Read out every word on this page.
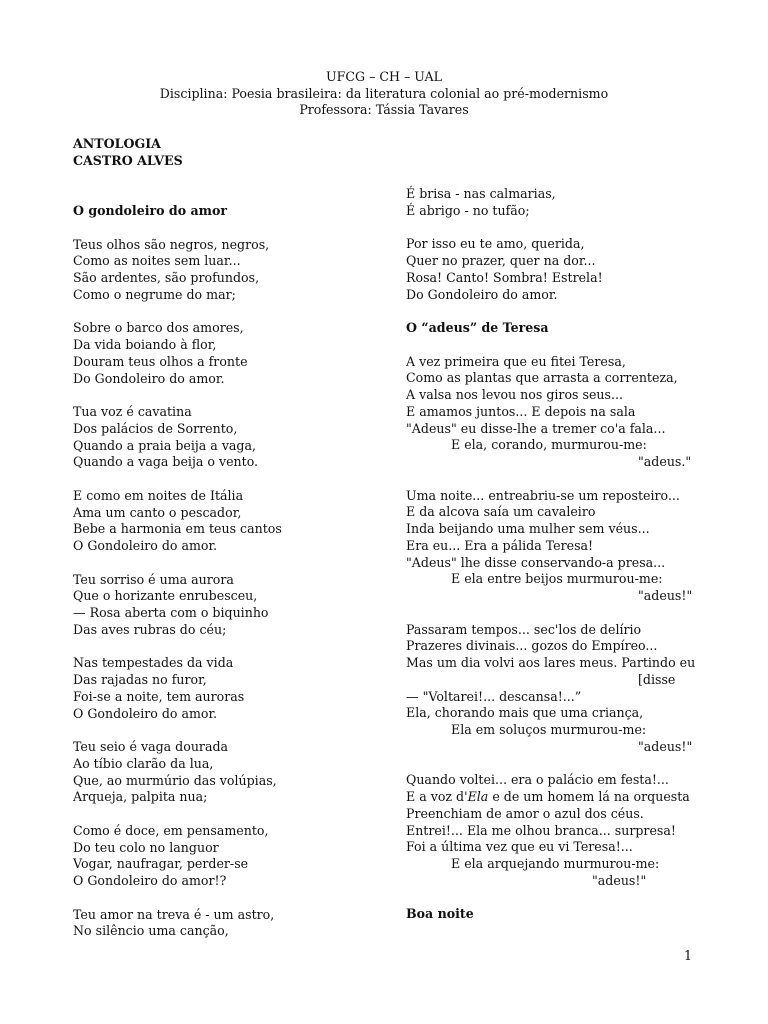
UFCG – CH – UAL
Disciplina: Poesia brasileira: da literatura colonial ao pré-modernismo
Professora: Tássia Tavares
ANTOLOGIA
CASTRO ALVES
O gondoleiro do amor
Teus olhos são negros, negros,
Como as noites sem luar...
São ardentes, são profundos,
Como o negrume do mar;
Sobre o barco dos amores,
Da vida boiando à flor,
Douram teus olhos a fronte
Do Gondoleiro do amor.
Tua voz é cavatina
Dos palácios de Sorrento,
Quando a praia beija a vaga,
Quando a vaga beija o vento.
E como em noites de Itália
Ama um canto o pescador,
Bebe a harmonia em teus cantos
O Gondoleiro do amor.
Teu sorriso é uma aurora
Que o horizante enrubesceu,
— Rosa aberta com o biquinho
Das aves rubras do céu;
Nas tempestades da vida
Das rajadas no furor,
Foi-se a noite, tem auroras
O Gondoleiro do amor.
Teu seio é vaga dourada
Ao tíbio clarão da lua,
Que, ao murmúrio das volúpias,
Arqueja, palpita nua;
Como é doce, em pensamento,
Do teu colo no languor
Vogar, naufragar, perder-se
O Gondoleiro do amor!?
Teu amor na treva é - um astro,
No silêncio uma canção,
É brisa - nas calmarias,
É abrigo - no tufão;
Por isso eu te amo, querida,
Quer no prazer, quer na dor...
Rosa! Canto! Sombra! Estrela!
Do Gondoleiro do amor.
O “adeus” de Teresa
A vez primeira que eu fitei Teresa,
Como as plantas que arrasta a correnteza,
A valsa nos levou nos giros seus...
E amamos juntos... E depois na sala
"Adeus" eu disse-lhe a tremer co'a fala...
E ela, corando, murmurou-me:
"adeus."
Uma noite... entreabriu-se um reposteiro...
E da alcova saía um cavaleiro
Inda beijando uma mulher sem véus...
Era eu... Era a pálida Teresa!
"Adeus" lhe disse conservando-a presa...
E ela entre beijos murmurou-me:
"adeus!"
Passaram tempos... sec'los de delírio
Prazeres divinais... gozos do Empíreo...
Mas um dia volvi aos lares meus. Partindo eu
[disse
— "Voltarei!... descansa!...”
Ela, chorando mais que uma criança,
Ela em soluços murmurou-me:
"adeus!"
Quando voltei... era o palácio em festa!...
E a voz d'Ela e de um homem lá na orquesta
Preenchiam de amor o azul dos céus.
Entrei!... Ela me olhou branca... surpresa!
Foi a última vez que eu vi Teresa!...
E ela arquejando murmurou-me:
"adeus!"
Boa noite
1
